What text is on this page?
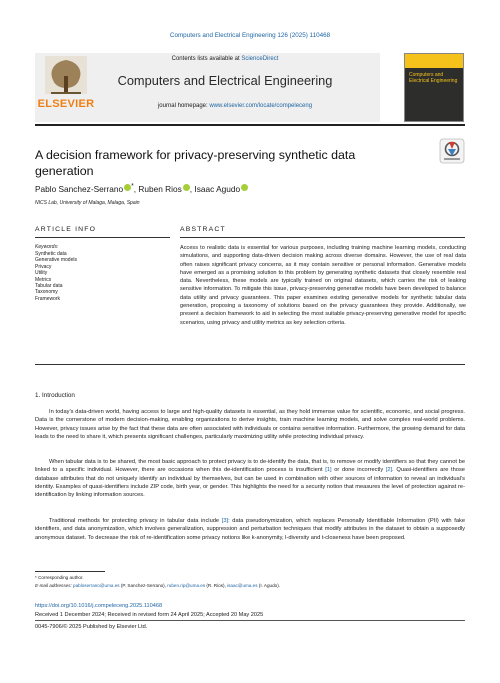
Computers and Electrical Engineering 126 (2025) 110468
ELSEVIER
Contents lists available at ScienceDirect
Computers and Electrical Engineering
journal homepage: www.elsevier.com/locate/compeleceng
Computers and Electrical Engineering
A decision framework for privacy-preserving synthetic data generation
Pablo Sanchez-Serrano *, Ruben Rios , Isaac Agudo
NICS Lab, University of Malaga, Malaga, Spain
ARTICLE INFO	ABSTRACT
Keywords:
Synthetic data
Generative models
Privacy
Utility
Metrics
Tabular data
Taxonomy
Framework
Access to realistic data is essential for various purposes, including training machine learning models, conducting simulations, and supporting data-driven decision making across diverse domains. However, the use of real data often raises significant privacy concerns, as it may contain sensitive or personal information. Generative models have emerged as a promising solution to this problem by generating synthetic datasets that closely resemble real data. Nevertheless, these models are typically trained on original datasets, which carries the risk of leaking sensitive information. To mitigate this issue, privacy-preserving generative models have been developed to balance data utility and privacy guarantees. This paper examines existing generative models for synthetic tabular data generation, proposing a taxonomy of solutions based on the privacy guarantees they provide. Additionally, we present a decision framework to aid in selecting the most suitable privacy-preserving generative model for specific scenarios, using privacy and utility metrics as key selection criteria.
1. Introduction
In today’s data-driven world, having access to large and high-quality datasets is essential, as they hold immense value for scientific, economic, and social progress. Data is the cornerstone of modern decision-making, enabling organizations to derive insights, train machine learning models, and solve complex real-world problems. However, privacy issues arise by the fact that these data are often associated with individuals or contains sensitive information. Furthermore, the growing demand for data leads to the need to share it, which presents significant challenges, particularly maximizing utility while protecting individual privacy.
When tabular data is to be shared, the most basic approach to protect privacy is to de-identify the data, that is, to remove or modify identifiers so that they cannot be linked to a specific individual. However, there are occasions when this de-identification process is insufficient [1] or done incorrectly [2]. Quasi-identifiers are those database attributes that do not uniquely identify an individual by themselves, but can be used in combination with other sources of information to reveal an individual’s identity. Examples of quasi-identifiers include ZIP code, birth year, or gender. This highlights the need for a security notion that measures the level of protection against re-identification by linking information sources.
Traditional methods for protecting privacy in tabular data include [3]: data pseudonymization, which replaces Personally Identifiable Information (PII) with fake identifiers, and data anonymization, which involves generalization, suppression and perturbation techniques that modify attributes in the dataset to obtain a supposedly anonymous dataset. To decrease the risk of re-identification some privacy notions like k-anonymity, l-diversity and t-closeness have been proposed.
* Corresponding author.
E-mail addresses: pabloserrano@uma.es (P. Sanchez-Serrano), ruben.rip@uma.es (R. Rios), isaac@uma.es (I. Agudo).
https://doi.org/10.1016/j.compeleceng.2025.110468
Received 1 December 2024; Received in revised form 24 April 2025; Accepted 20 May 2025
0045-7906/© 2025 Published by Elsevier Ltd.
